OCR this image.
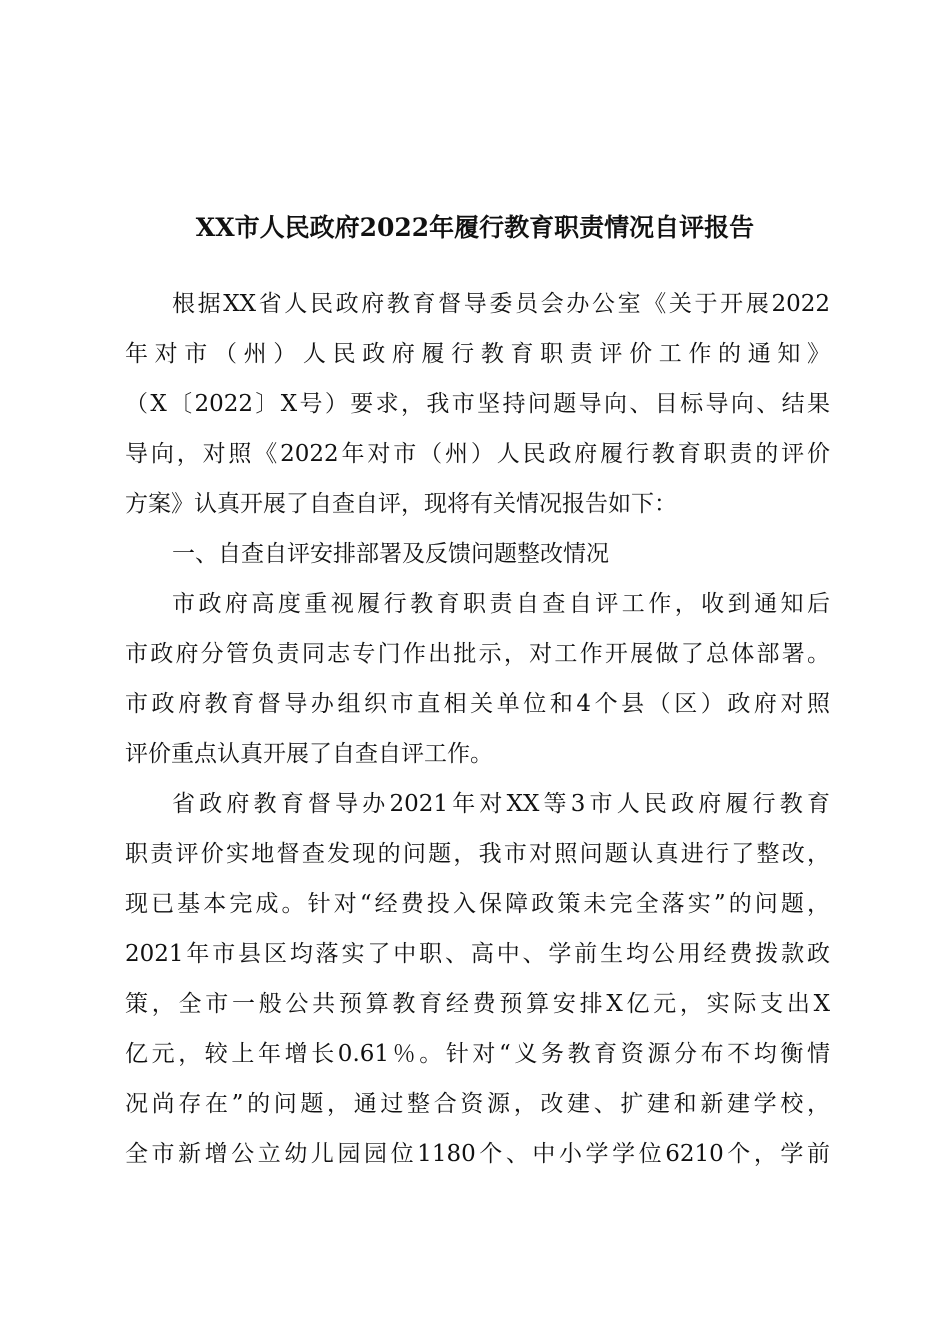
XX市人民政府2022年履行教育职责情况自评报告

根据XX省人民政府教育督导委员会办公室《关于开展2022

年对市（州）人民政府履行教育职责评价工作的通知》

（X〔2022〕X号）要求，我市坚持问题导向、目标导向、结果

导向，对照《2022年对市（州）人民政府履行教育职责的评价

方案》认真开展了自查自评，现将有关情况报告如下：

一、自查自评安排部署及反馈问题整改情况

市政府高度重视履行教育职责自查自评工作，收到通知后

市政府分管负责同志专门作出批示，对工作开展做了总体部署。

市政府教育督导办组织市直相关单位和4个县（区）政府对照

评价重点认真开展了自查自评工作。

省政府教育督导办2021年对XX等3市人民政府履行教育

职责评价实地督查发现的问题，我市对照问题认真进行了整改，

现已基本完成。针对“经费投入保障政策未完全落实”的问题，

2021年市县区均落实了中职、高中、学前生均公用经费拨款政

策，全市一般公共预算教育经费预算安排X亿元，实际支出X

亿元，较上年增长0.61％。针对“义务教育资源分布不均衡情

况尚存在”的问题，通过整合资源，改建、扩建和新建学校，

全市新增公立幼儿园园位1180个、中小学学位6210个，学前
